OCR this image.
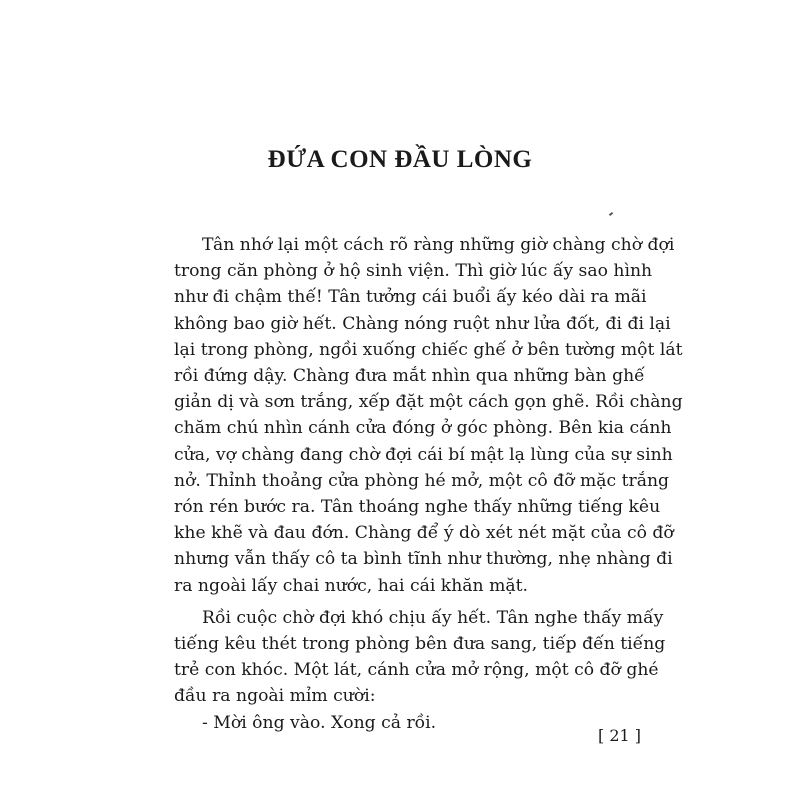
ĐỨA CON ĐẦU LÒNG
Tân nhớ lại một cách rõ ràng những giờ chàng chờ đợi
trong căn phòng ở hộ sinh viện. Thì giờ lúc ấy sao hình
như đi chậm thế! Tân tưởng cái buổi ấy kéo dài ra mãi
không bao giờ hết. Chàng nóng ruột như lửa đốt, đi đi lại
lại trong phòng, ngồi xuống chiếc ghế ở bên tường một lát
rồi đứng dậy. Chàng đưa mắt nhìn qua những bàn ghế
giản dị và sơn trắng, xếp đặt một cách gọn ghẽ. Rồi chàng
chăm chú nhìn cánh cửa đóng ở góc phòng. Bên kia cánh
cửa, vợ chàng đang chờ đợi cái bí mật lạ lùng của sự sinh
nở. Thỉnh thoảng cửa phòng hé mở, một cô đỡ mặc trắng
rón rén bước ra. Tân thoáng nghe thấy những tiếng kêu
khe khẽ và đau đớn. Chàng để ý dò xét nét mặt của cô đỡ
nhưng vẫn thấy cô ta bình tĩnh như thường, nhẹ nhàng đi
ra ngoài lấy chai nước, hai cái khăn mặt.
Rồi cuộc chờ đợi khó chịu ấy hết. Tân nghe thấy mấy
tiếng kêu thét trong phòng bên đưa sang, tiếp đến tiếng
trẻ con khóc. Một lát, cánh cửa mở rộng, một cô đỡ ghé
đầu ra ngoài mỉm cười:
- Mời ông vào. Xong cả rồi.
[ 21 ]
